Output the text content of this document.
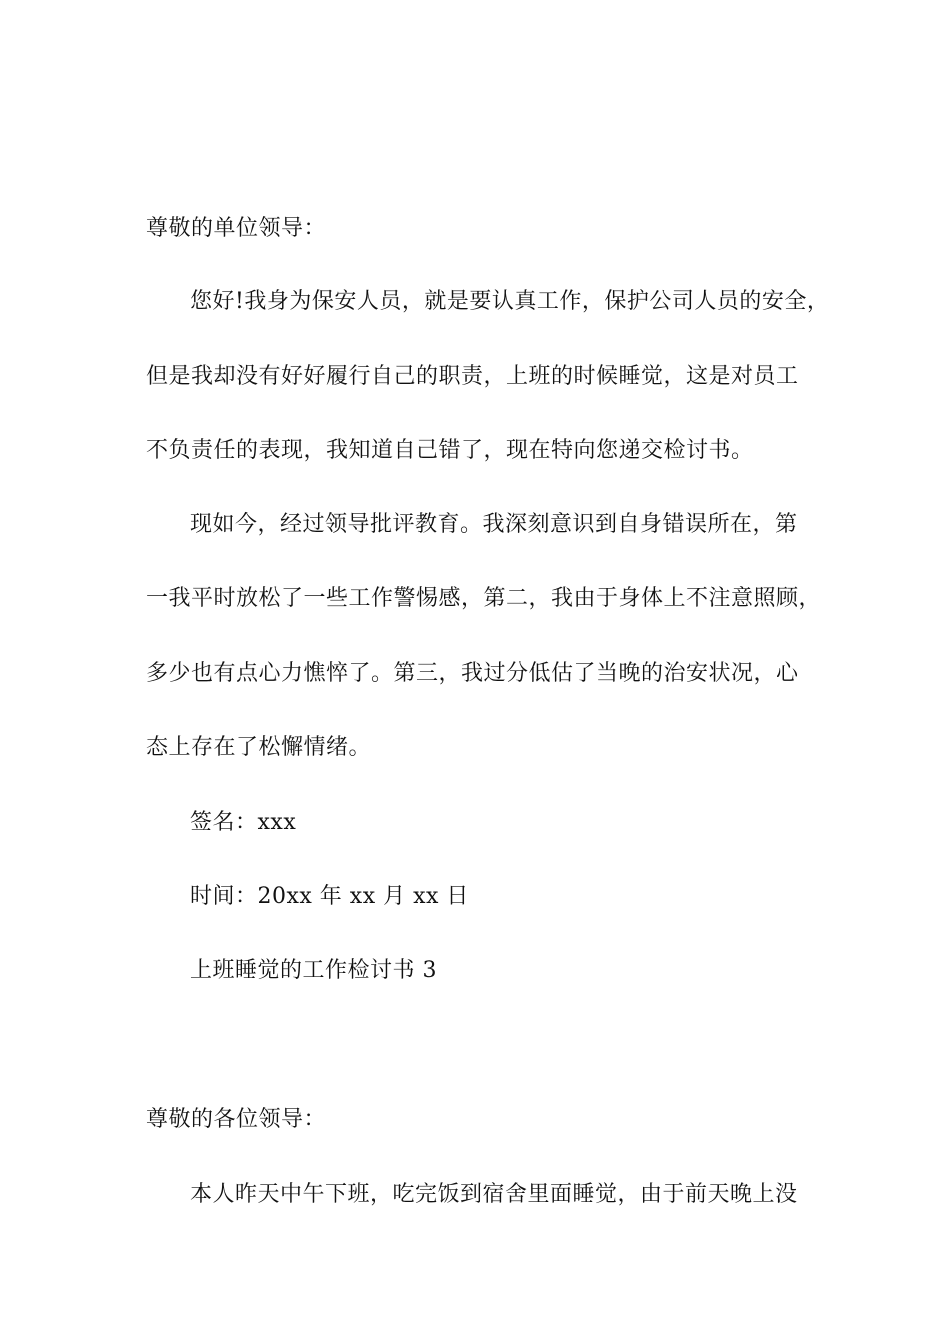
尊敬的单位领导：
您好!我身为保安人员，就是要认真工作，保护公司人员的安全，
但是我却没有好好履行自己的职责，上班的时候睡觉，这是对员工
不负责任的表现，我知道自己错了，现在特向您递交检讨书。
现如今，经过领导批评教育。我深刻意识到自身错误所在，第
一我平时放松了一些工作警惕感，第二，我由于身体上不注意照顾，
多少也有点心力憔悴了。第三，我过分低估了当晚的治安状况，心
态上存在了松懈情绪。
签名：xxx
时间：20xx 年 xx 月 xx 日
上班睡觉的工作检讨书 3
尊敬的各位领导：
本人昨天中午下班，吃完饭到宿舍里面睡觉，由于前天晚上没
